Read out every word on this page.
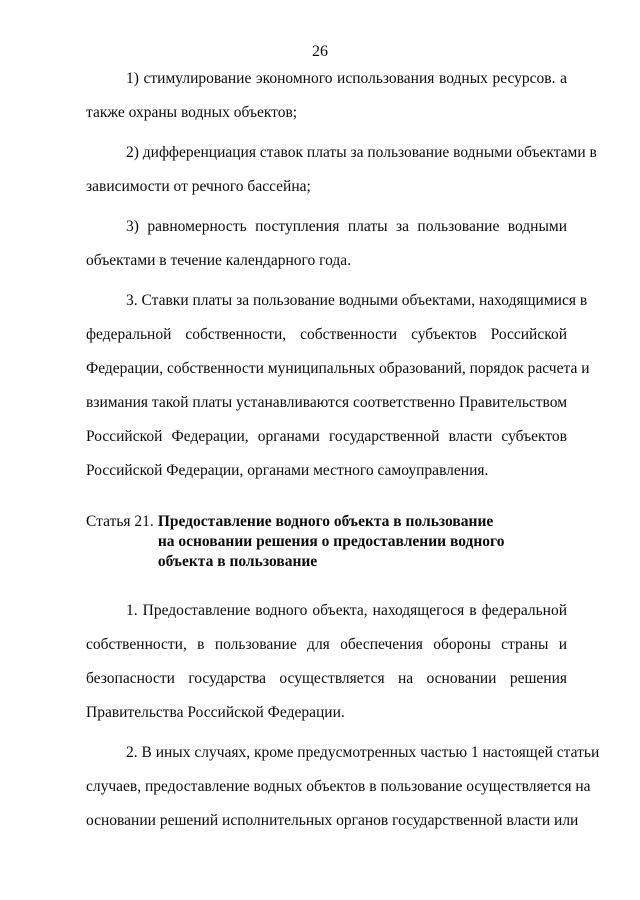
26

1) стимулирование экономного использования водных ресурсов. а
также охраны водных объектов;

2) дифференциация ставок платы за пользование водными объектами в
зависимости от речного бассейна;

3) равномерность поступления платы за пользование водными
объектами в течение календарного года.

3. Ставки платы за пользование водными объектами, находящимися в
федеральной собственности, собственности субъектов Российской
Федерации, собственности муниципальных образований, порядок расчета и
взимания такой платы устанавливаются соответственно Правительством
Российской Федерации, органами государственной власти субъектов
Российской Федерации, органами местного самоуправления.

Статья 21. Предоставление водного объекта в пользование
на основании решения о предоставлении водного
объекта в пользование

1. Предоставление водного объекта, находящегося в федеральной
собственности, в пользование для обеспечения обороны страны и
безопасности государства осуществляется на основании решения
Правительства Российской Федерации.

2. В иных случаях, кроме предусмотренных частью 1 настоящей статьи
случаев, предоставление водных объектов в пользование осуществляется на
основании решений исполнительных органов государственной власти или
